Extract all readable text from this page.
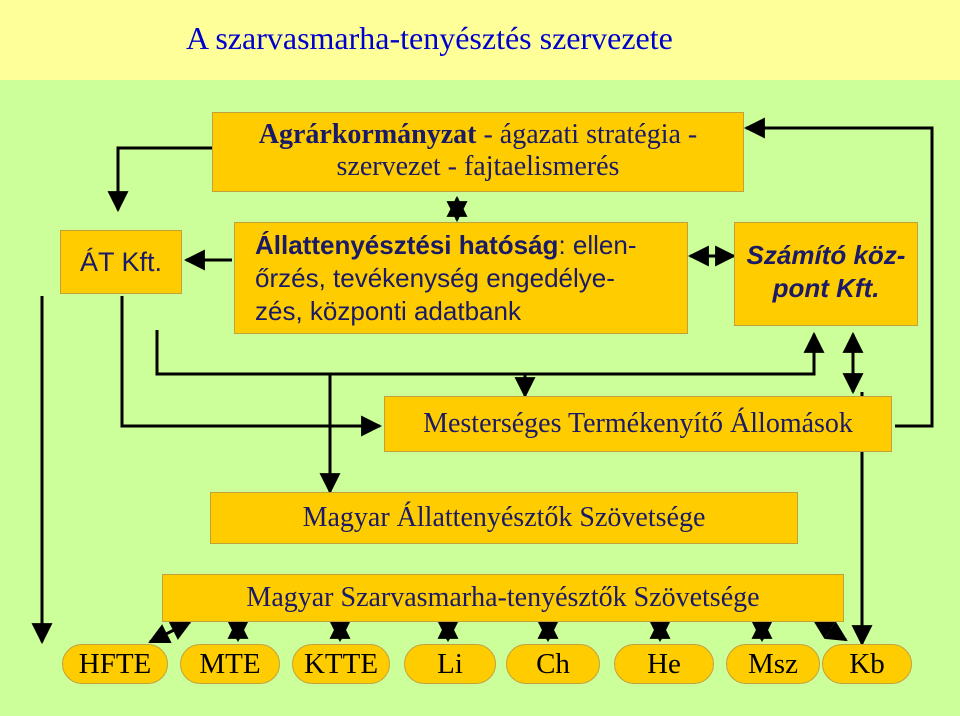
A szarvasmarha-tenyésztés szervezete
Agrárkormányzat - ágazati stratégia -
szervezet - fajtaelismerés
ÁT Kft.
Állattenyésztési hatóság: ellen-
őrzés, tevékenység engedélye-
zés, központi adatbank
Számító köz-
pont Kft.
Mesterséges Termékenyítő Állomások
Magyar Állattenyésztők Szövetsége
Magyar Szarvasmarha-tenyésztők Szövetsége
HFTE	MTE	KTTE	Li	Ch	He	Msz	Kb
